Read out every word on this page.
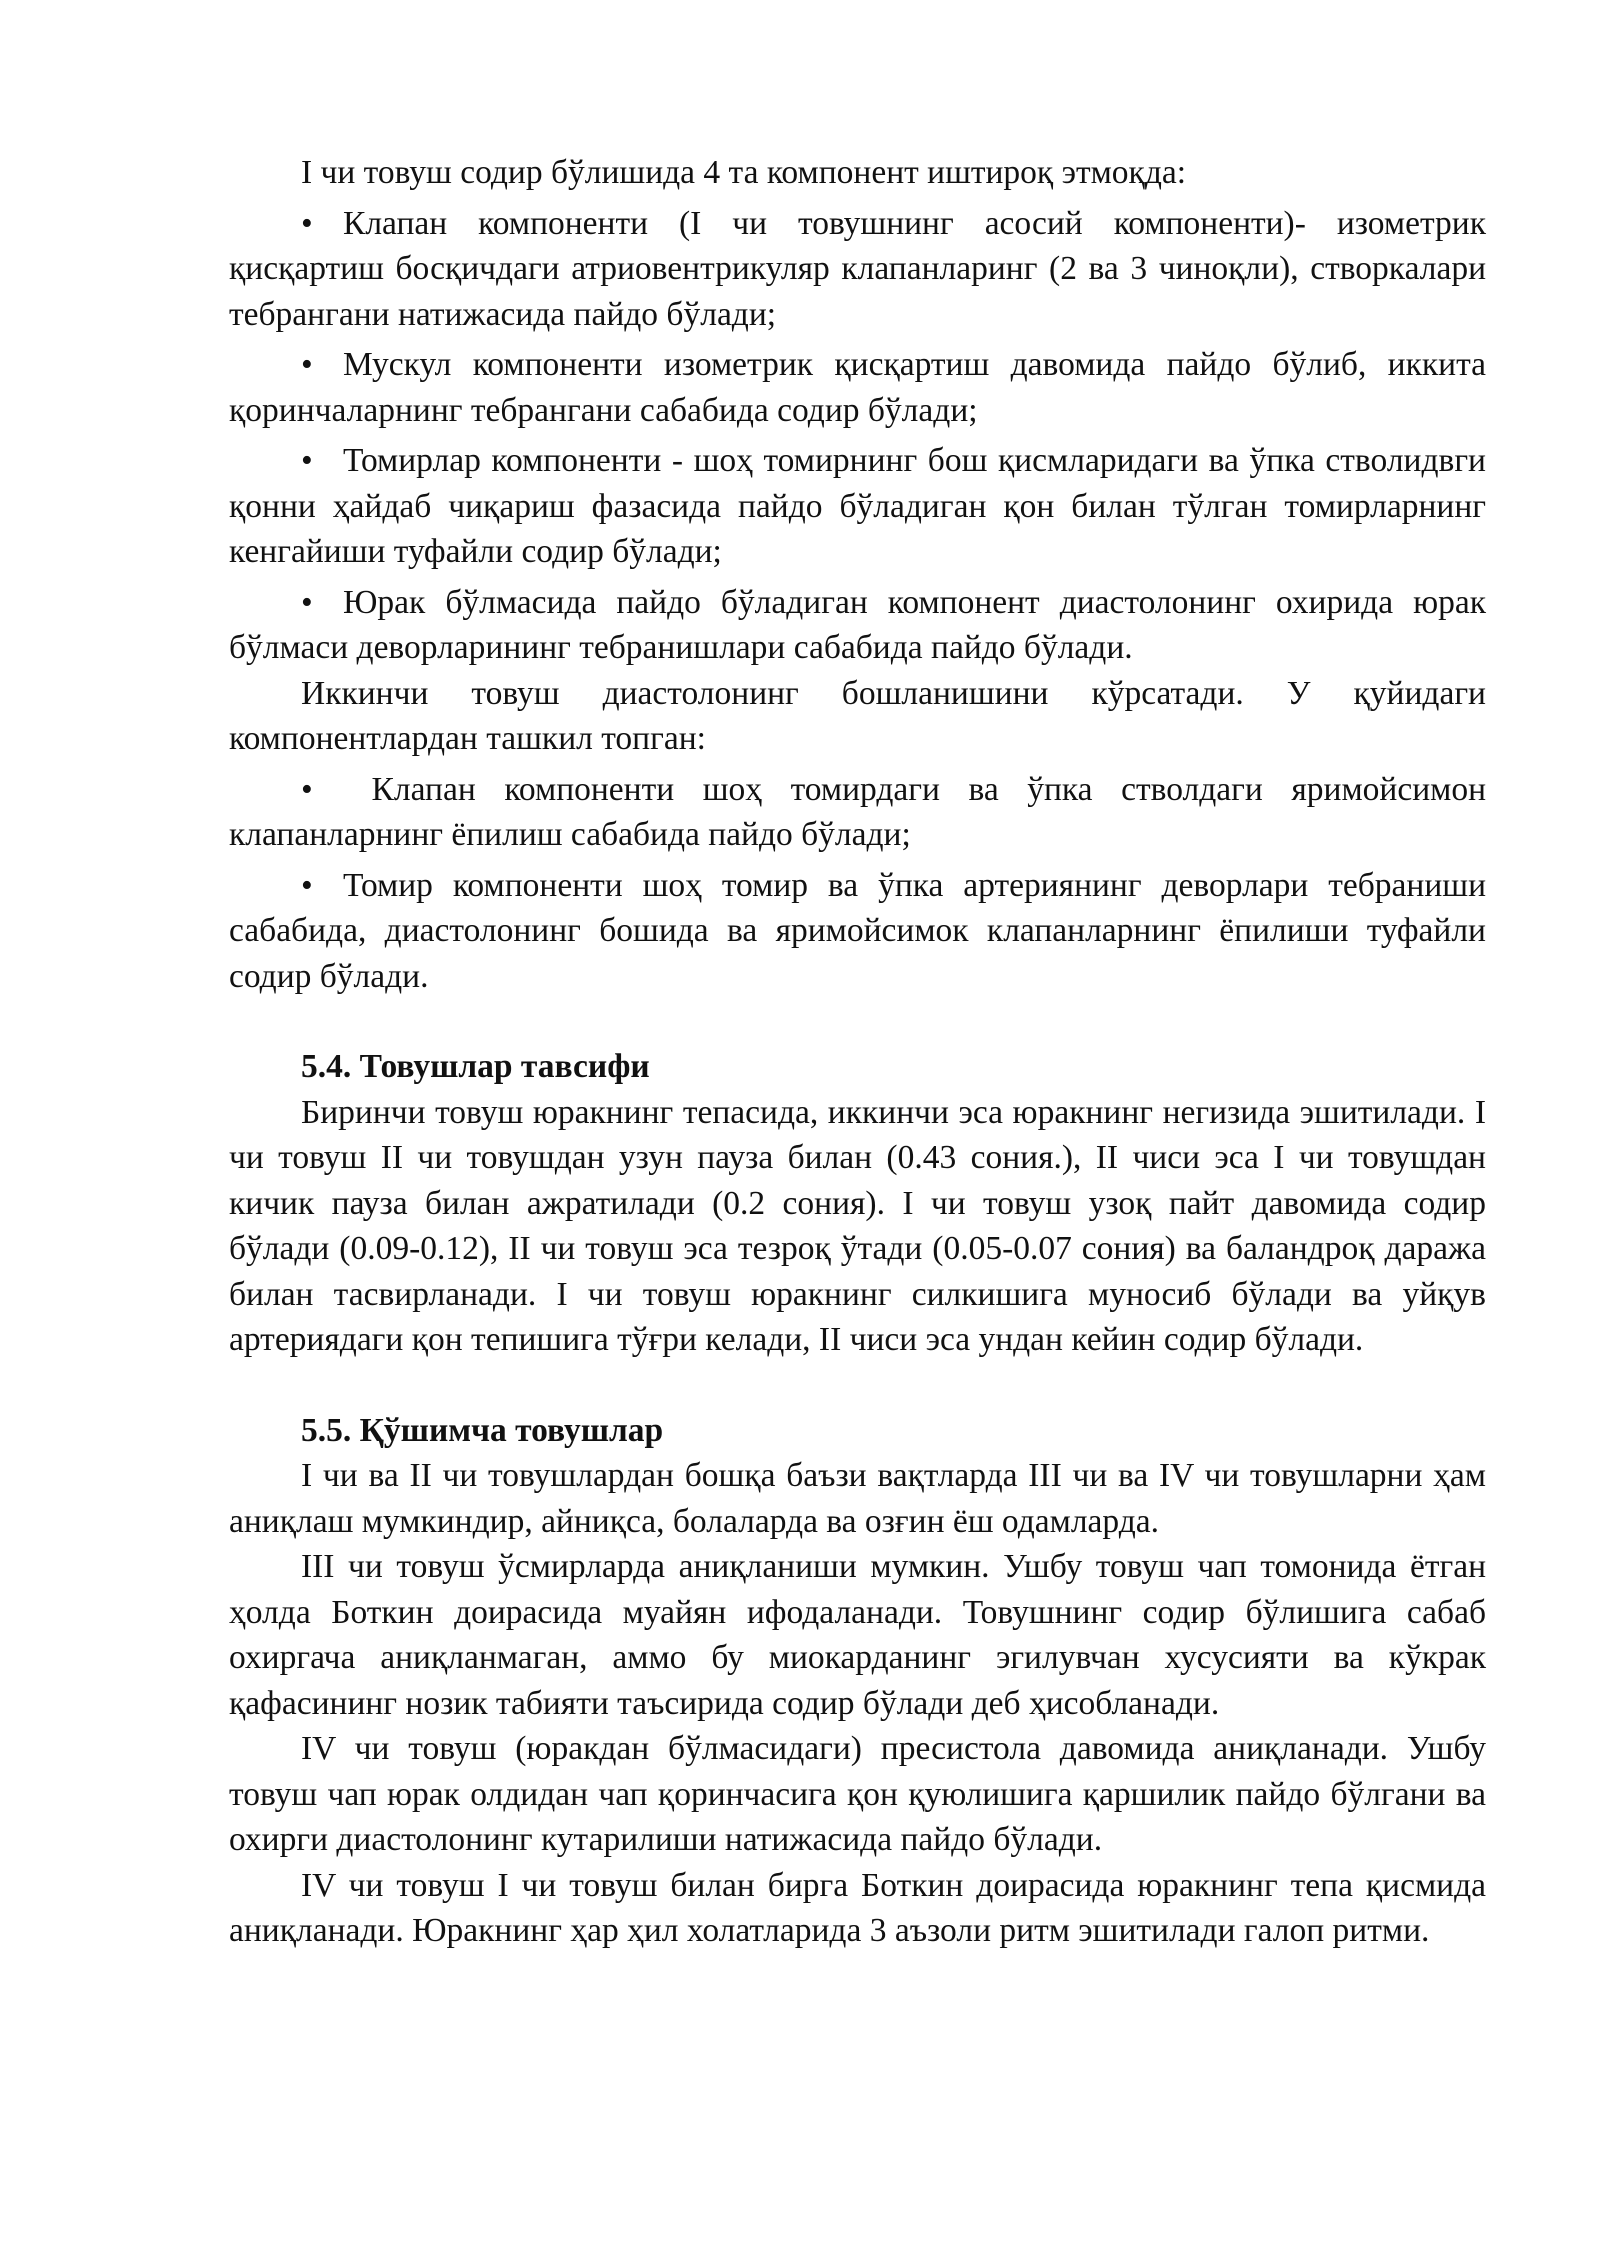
I чи товуш содир бўлишида 4 та компонент иштироқ этмоқда:

• Клапан компоненти (I чи товушнинг асосий компоненти)- изометрик қисқартиш босқичдаги атриовентрикуляр клапанларинг (2 ва 3 чиноқли), створкалари тебрангани натижасида пайдо бўлади;

• Мускул компоненти изометрик қисқартиш давомида пайдо бўлиб, иккита қоринчаларнинг тебрангани сабабида содир бўлади;

• Томирлар компоненти - шоҳ томирнинг бош қисмларидаги ва ўпка стволидвги қонни ҳайдаб чиқариш фазасида пайдо бўладиган қон билан тўлган томирларнинг кенгайиши туфайли содир бўлади;

• Юрак бўлмасида пайдо бўладиган компонент диастолонинг охирида юрак бўлмаси деворларининг тебранишлари сабабида пайдо бўлади.

Иккинчи товуш диастолонинг бошланишини кўрсатади. У қуйидаги компонентлардан ташкил топган:

• Клапан компоненти шоҳ томирдаги ва ўпка стволдаги яримойсимон клапанларнинг ёпилиш сабабида пайдо бўлади;

• Томир компоненти шоҳ томир ва ўпка артериянинг деворлари тебраниши сабабида, диастолонинг бошида ва яримойсимок клапанларнинг ёпилиши туфайли содир бўлади.

5.4. Товушлар тавсифи

Биринчи товуш юракнинг тепасида, иккинчи эса юракнинг негизида эшитилади. I чи товуш II чи товушдан узун пауза билан (0.43 сония.), II чиси эса I чи товушдан кичик пауза билан ажратилади (0.2 сония). I чи товуш узоқ пайт давомида содир бўлади (0.09-0.12), II чи товуш эса тезроқ ўтади (0.05-0.07 сония) ва баландроқ даража билан тасвирланади. I чи товуш юракнинг силкишига муносиб бўлади ва уйқув артериядаги қон тепишига тўғри келади, II чиси эса ундан кейин содир бўлади.

5.5. Қўшимча товушлар

I чи ва II чи товушлардан бошқа баъзи вақтларда III чи ва IV чи товушларни ҳам аниқлаш мумкиндир, айниқса, болаларда ва озғин ёш одамларда.

III чи товуш ўсмирларда аниқланиши мумкин. Ушбу товуш чап томонида ётган ҳолда Боткин доирасида муайян ифодаланади. Товушнинг содир бўлишига сабаб охиргача аниқланмаган, аммо бу миокарданинг эгилувчан хусусияти ва кўкрак қафасининг нозик табияти таъсирида содир бўлади деб ҳисобланади.

IV чи товуш (юракдан бўлмасидаги) пресистола давомида аниқланади. Ушбу товуш чап юрак олдидан чап қоринчасига қон қуюлишига қаршилик пайдо бўлгани ва охирги диастолонинг кутарилиши натижасида пайдо бўлади.

IV чи товуш I чи товуш билан бирга Боткин доирасида юракнинг тепа қисмида аниқланади. Юракнинг ҳар ҳил холатларида 3 аъзоли ритм эшитилади галоп ритми.
